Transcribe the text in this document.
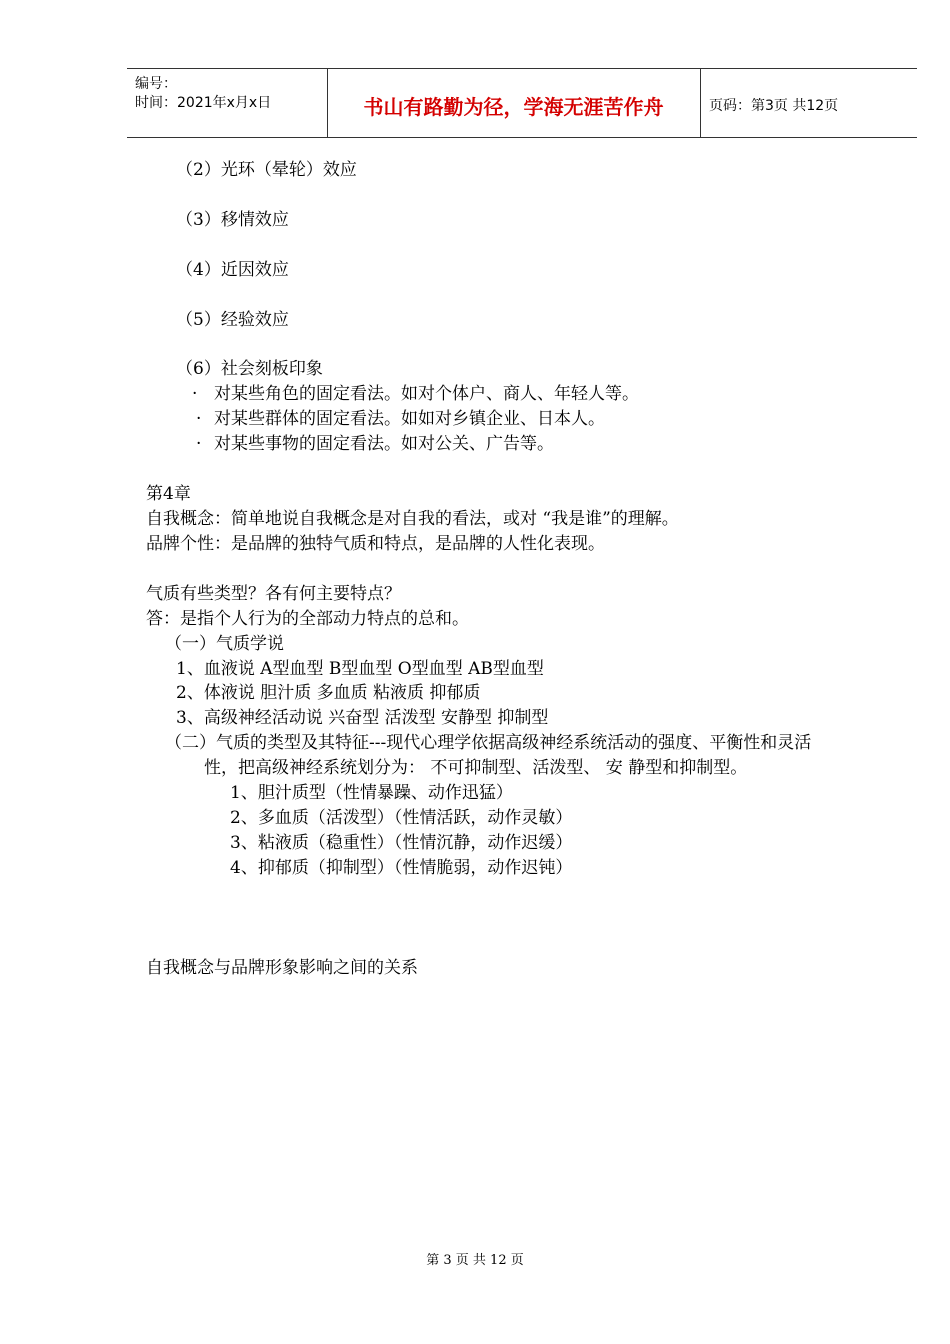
编号：
时间：2021年x月x日	书山有路勤为径，学海无涯苦作舟	页码：第3页 共12页
（2）光环（晕轮）效应
（3）移情效应
（4）近因效应
（5）经验效应
（6）社会刻板印象
· 对某些角色的固定看法。如对个体户、商人、年轻人等。
· 对某些群体的固定看法。如如对乡镇企业、日本人。
· 对某些事物的固定看法。如对公关、广告等。
第4章
自我概念：简单地说自我概念是对自我的看法，或对 “我是谁”的理解。
品牌个性：是品牌的独特气质和特点，是品牌的人性化表现。
气质有些类型？各有何主要特点？
答：是指个人行为的全部动力特点的总和。
（一）气质学说
1、血液说 A型血型 B型血型 O型血型 AB型血型
2、体液说 胆汁质 多血质 粘液质 抑郁质
3、高级神经活动说 兴奋型 活泼型 安静型 抑制型
（二）气质的类型及其特征---现代心理学依据高级神经系统活动的强度、平衡性和灵活
性，把高级神经系统划分为： 不可抑制型、活泼型、 安 静型和抑制型。
1、胆汁质型（性情暴躁、动作迅猛）
2、多血质（活泼型）（性情活跃，动作灵敏）
3、粘液质（稳重性）（性情沉静，动作迟缓）
4、抑郁质（抑制型）（性情脆弱，动作迟钝）
自我概念与品牌形象影响之间的关系
第 3 页 共 12 页
